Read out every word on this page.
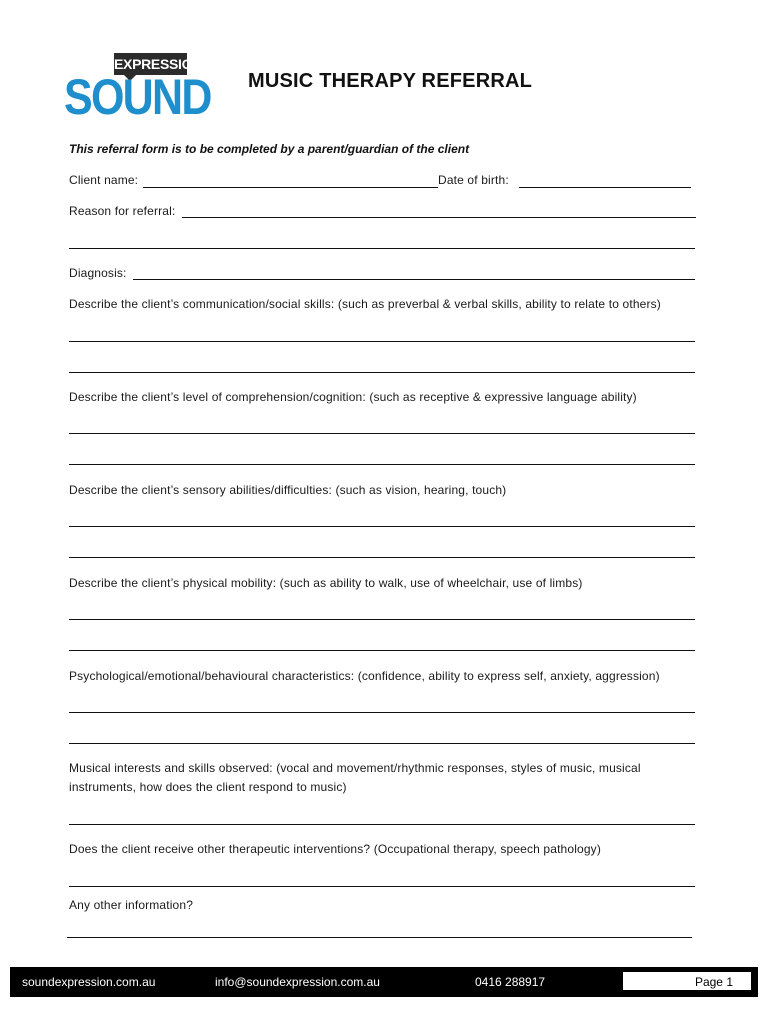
EXPRESSION
SOUND MUSIC THERAPY REFERRAL
This referral form is to be completed by a parent/guardian of the client
Client name:	Date of birth:
Reason for referral:
Diagnosis:
Describe the client’s communication/social skills: (such as preverbal & verbal skills, ability to relate to others)
Describe the client’s level of comprehension/cognition: (such as receptive & expressive language ability)
Describe the client’s sensory abilities/difficulties: (such as vision, hearing, touch)
Describe the client’s physical mobility: (such as ability to walk, use of wheelchair, use of limbs)
Psychological/emotional/behavioural characteristics: (confidence, ability to express self, anxiety, aggression)
Musical interests and skills observed: (vocal and movement/rhythmic responses, styles of music, musical
instruments, how does the client respond to music)
Does the client receive other therapeutic interventions? (Occupational therapy, speech pathology)
Any other information?
soundexpression.com.au	info@soundexpression.com.au	0416 288917	Page 1
